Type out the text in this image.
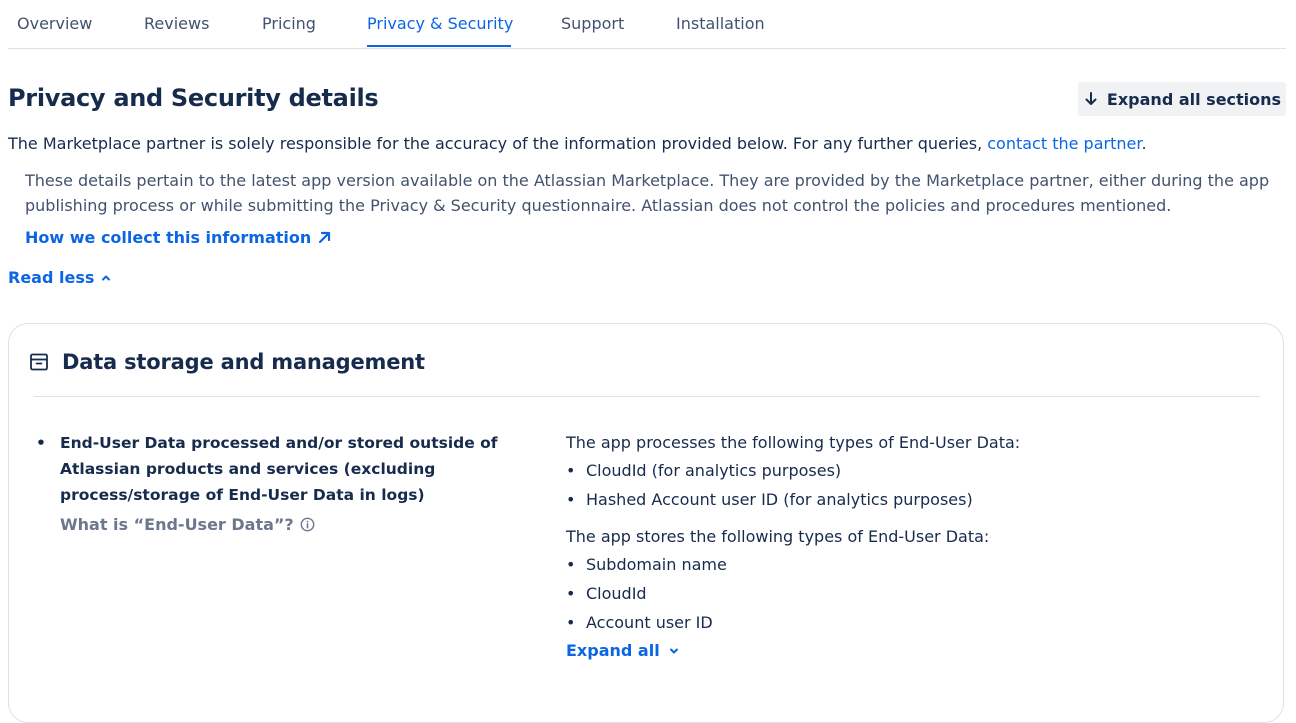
Overview	Reviews	Pricing	Privacy & Security	Support	Installation
Privacy and Security details	Expand all sections
The Marketplace partner is solely responsible for the accuracy of the information provided below. For any further queries, contact the partner.
These details pertain to the latest app version available on the Atlassian Marketplace. They are provided by the Marketplace partner, either during the app publishing process or while submitting the Privacy & Security questionnaire. Atlassian does not control the policies and procedures mentioned.
How we collect this information
Read less
Data storage and management
• End-User Data processed and/or stored outside of Atlassian products and services (excluding process/storage of End-User Data in logs)
What is “End-User Data”?
The app processes the following types of End-User Data:
• CloudId (for analytics purposes)
• Hashed Account user ID (for analytics purposes)
The app stores the following types of End-User Data:
• Subdomain name
• CloudId
• Account user ID
Expand all
